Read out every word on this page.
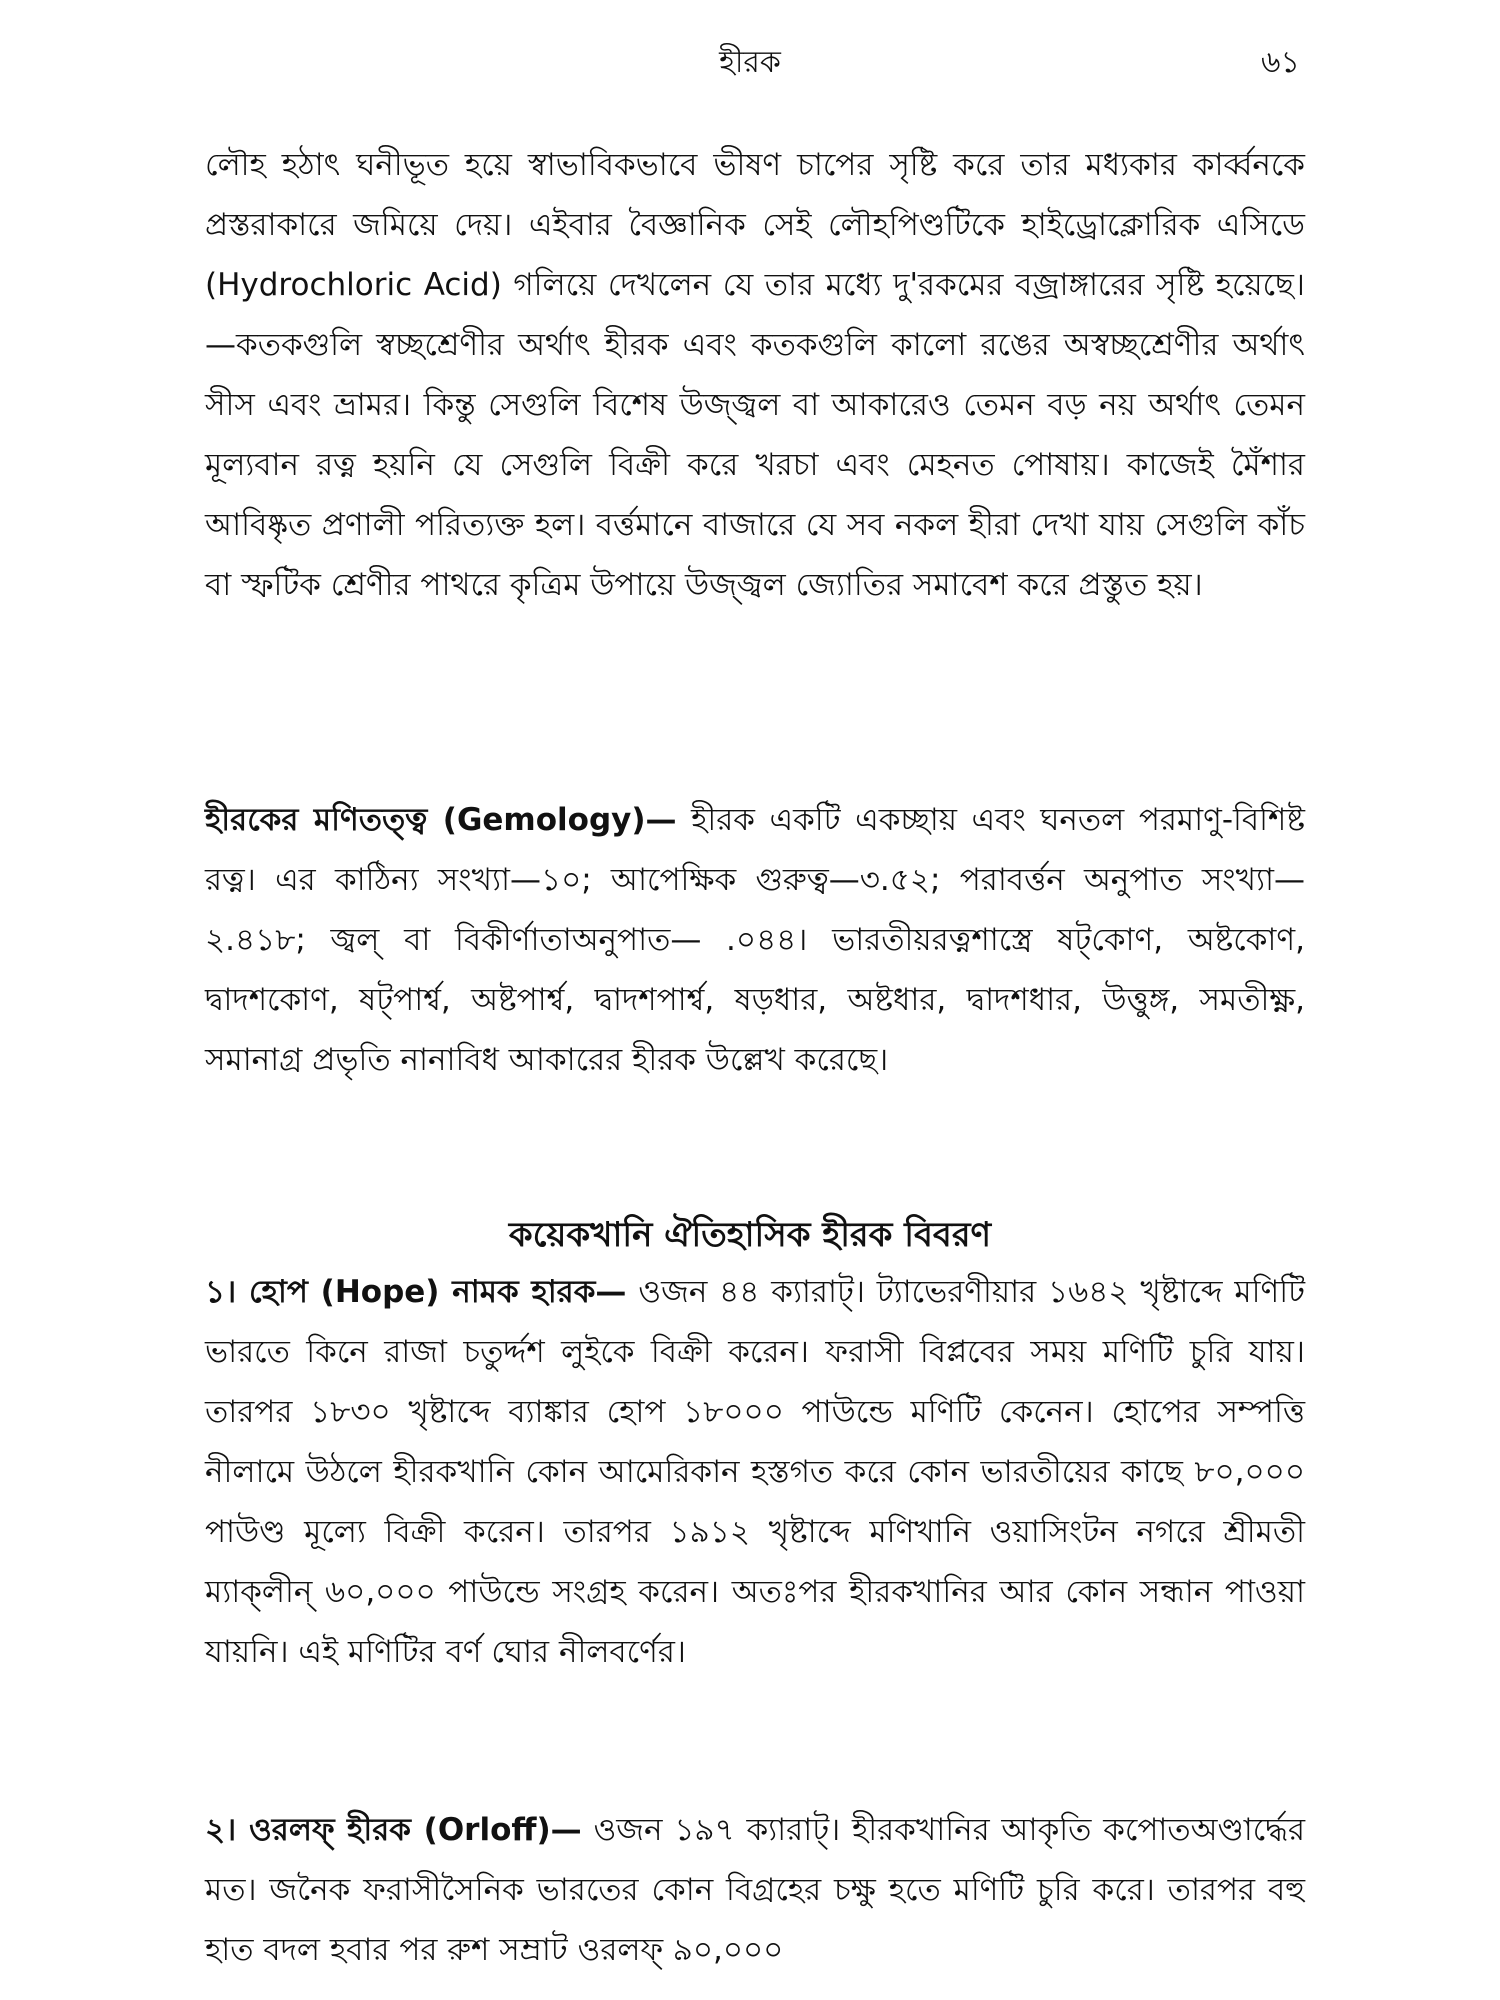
হীরক	৬১

লৌহ হঠাৎ ঘনীভূত হয়ে স্বাভাবিকভাবে ভীষণ চাপের সৃষ্টি করে তার মধ্যকার কার্ব্বনকে প্রস্তরাকারে জমিয়ে দেয়। এইবার বৈজ্ঞানিক সেই লৌহপিণ্ডটিকে হাইড্রোক্লোরিক এসিডে (Hydrochloric Acid) গলিয়ে দেখলেন যে তার মধ্যে দু'রকমের বজ্রাঙ্গারের সৃষ্টি হয়েছে।—কতকগুলি স্বচ্ছশ্রেণীর অর্থাৎ হীরক এবং কতকগুলি কালো রঙের অস্বচ্ছশ্রেণীর অর্থাৎ সীস এবং ভ্রামর। কিন্তু সেগুলি বিশেষ উজ্জ্বল বা আকারেও তেমন বড় নয় অর্থাৎ তেমন মূল্যবান রত্ন হয়নি যে সেগুলি বিক্রী করে খরচা এবং মেহনত পোষায়। কাজেই মৈঁশার আবিষ্কৃত প্রণালী পরিত্যক্ত হল। বর্ত্তমানে বাজারে যে সব নকল হীরা দেখা যায় সেগুলি কাঁচ বা স্ফটিক শ্রেণীর পাথরে কৃত্রিম উপায়ে উজ্জ্বল জ্যোতির সমাবেশ করে প্রস্তুত হয়।

হীরকের মণিতত্ত্ব (Gemology)— হীরক একটি একচ্ছায় এবং ঘনতল পরমাণু-বিশিষ্ট রত্ন। এর কাঠিন্য সংখ্যা—১০; আপেক্ষিক গুরুত্ব—৩.৫২; পরাবর্ত্তন অনুপাত সংখ্যা— ২.৪১৮; জ্বল্ বা বিকীর্ণাতাঅনুপাত— .০৪৪। ভারতীয়রত্নশাস্ত্রে ষট্‌কোণ, অষ্টকোণ, দ্বাদশকোণ, ষট্‌পার্শ্ব, অষ্টপার্শ্ব, দ্বাদশপার্শ্ব, ষড়ধার, অষ্টধার, দ্বাদশধার, উত্তুঙ্গ, সমতীক্ষ্ণ, সমানাগ্র প্রভৃতি নানাবিধ আকারের হীরক উল্লেখ করেছে।

কয়েকখানি ঐতিহাসিক হীরক বিবরণ

১। হোপ (Hope) নামক হারক— ওজন ৪৪ ক্যারাট্। ট্যাভেরণীয়ার ১৬৪২ খৃষ্টাব্দে মণিটি ভারতে কিনে রাজা চতুর্দ্দশ লুইকে বিক্রী করেন। ফরাসী বিপ্লবের সময় মণিটি চুরি যায়। তারপর ১৮৩০ খৃষ্টাব্দে ব্যাঙ্কার হোপ ১৮০০০ পাউন্ডে মণিটি কেনেন। হোপের সম্পত্তি নীলামে উঠলে হীরকখানি কোন আমেরিকান হস্তগত করে কোন ভারতীয়ের কাছে ৮০,০০০ পাউণ্ড মূল্যে বিক্রী করেন। তারপর ১৯১২ খৃষ্টাব্দে মণিখানি ওয়াসিংটন নগরে শ্রীমতী ম্যাক্‌লীন্ ৬০,০০০ পাউন্ডে সংগ্রহ করেন। অতঃপর হীরকখানির আর কোন সন্ধান পাওয়া যায়নি। এই মণিটির বর্ণ ঘোর নীলবর্ণের।

২। ওরলফ্ হীরক (Orloff)— ওজন ১৯৭ ক্যারাট্। হীরকখানির আকৃতি কপোতঅণ্ডার্দ্ধের মত। জনৈক ফরাসীসৈনিক ভারতের কোন বিগ্রহের চক্ষু হতে মণিটি চুরি করে। তারপর বহু হাত বদল হবার পর রুশ সম্রাট ওরলফ্ ৯০,০০০
